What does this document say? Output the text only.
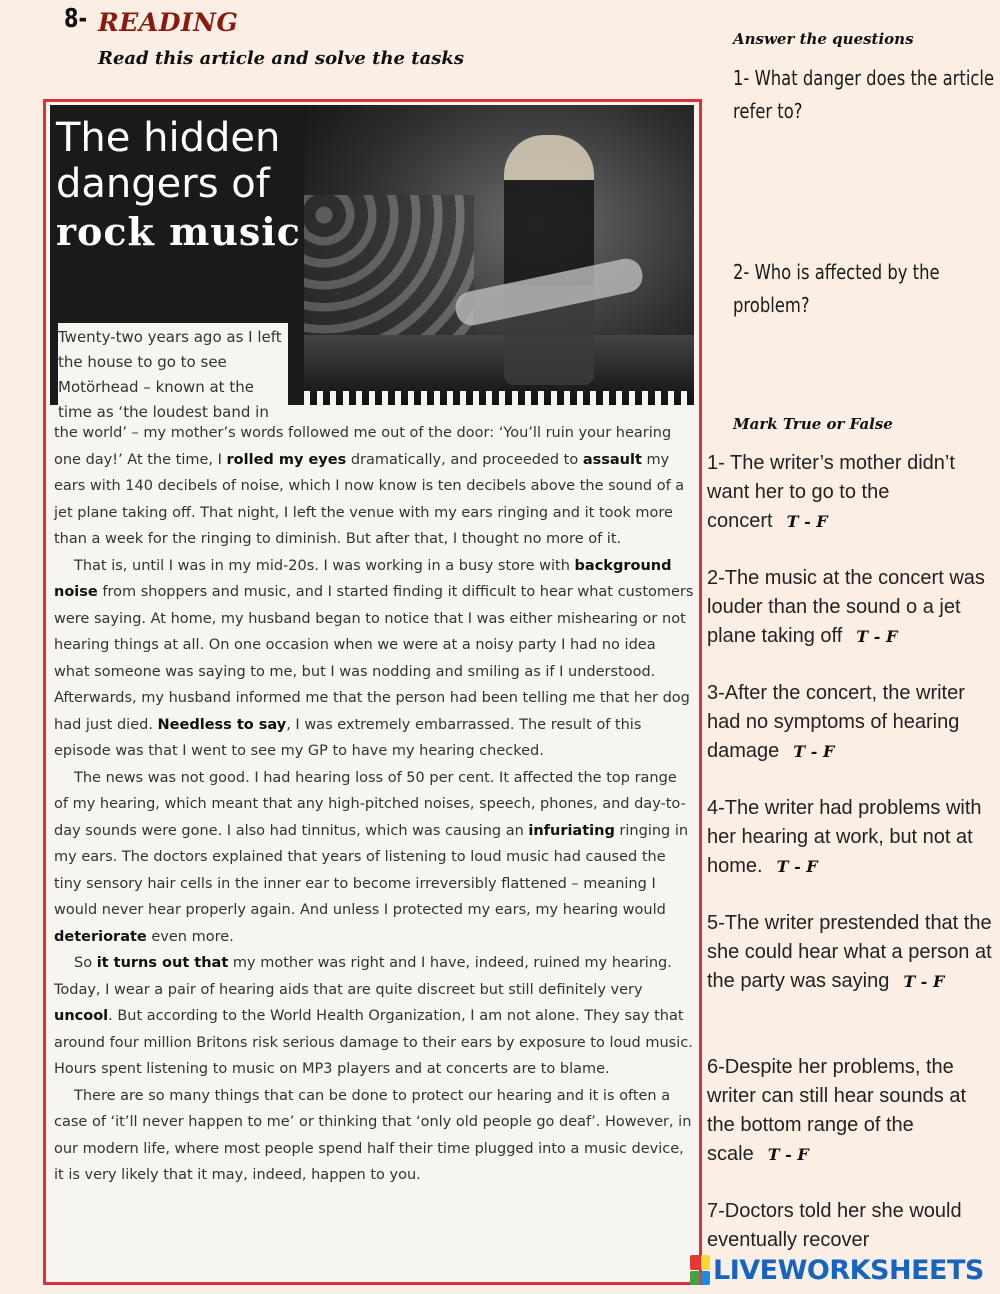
8- READING
Read this article and solve the tasks
The hidden
dangers of
rock music
Twenty-two years ago as I left the house to go to see Motörhead – known at the time as ‘the loudest band in

the world’ – my mother’s words followed me out of the door: ‘You’ll ruin your hearing one day!’ At the time, I rolled my eyes dramatically, and proceeded to assault my ears with 140 decibels of noise, which I now know is ten decibels above the sound of a jet plane taking off. That night, I left the venue with my ears ringing and it took more than a week for the ringing to diminish. But after that, I thought no more of it.

That is, until I was in my mid-20s. I was working in a busy store with background noise from shoppers and music, and I started finding it difficult to hear what customers were saying. At home, my husband began to notice that I was either mishearing or not hearing things at all. On one occasion when we were at a noisy party I had no idea what someone was saying to me, but I was nodding and smiling as if I understood. Afterwards, my husband informed me that the person had been telling me that her dog had just died. Needless to say, I was extremely embarrassed. The result of this episode was that I went to see my GP to have my hearing checked.

The news was not good. I had hearing loss of 50 per cent. It affected the top range of my hearing, which meant that any high-pitched noises, speech, phones, and day-to-day sounds were gone. I also had tinnitus, which was causing an infuriating ringing in my ears. The doctors explained that years of listening to loud music had caused the tiny sensory hair cells in the inner ear to become irreversibly flattened – meaning I would never hear properly again. And unless I protected my ears, my hearing would deteriorate even more.

So it turns out that my mother was right and I have, indeed, ruined my hearing. Today, I wear a pair of hearing aids that are quite discreet but still definitely very uncool. But according to the World Health Organization, I am not alone. They say that around four million Britons risk serious damage to their ears by exposure to loud music. Hours spent listening to music on MP3 players and at concerts are to blame.

There are so many things that can be done to protect our hearing and it is often a case of ‘it’ll never happen to me’ or thinking that ‘only old people go deaf’. However, in our modern life, where most people spend half their time plugged into a music device, it is very likely that it may, indeed, happen to you.

Answer the questions
1- What danger does the article refer to?
2- Who is affected by the problem?
Mark True or False
1- The writer’s mother didn’t want her to go to the concert T - F
2-The music at the concert was louder than the sound o a jet plane taking off T - F
3-After the concert, the writer had no symptoms of hearing damage T - F
4-The writer had problems with her hearing at work, but not at home. T - F
5-The writer prestended that the she could hear what a person at the party was saying T - F
6-Despite her problems, the writer can still hear sounds at the bottom range of the scale T - F
7-Doctors told her she would eventually recover
LIVEWORKSHEETS
